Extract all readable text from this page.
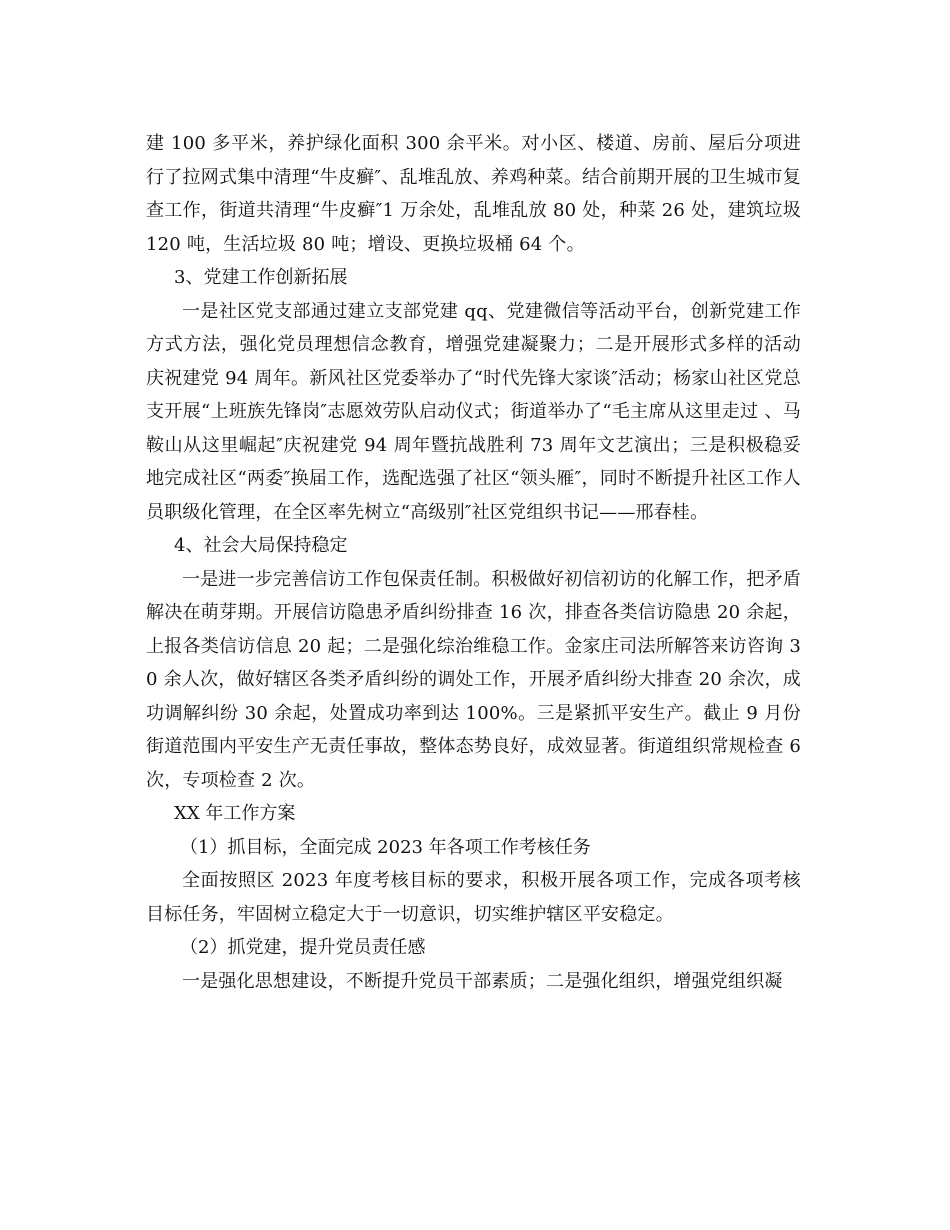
建 100 多平米，养护绿化面积 300 余平米。对小区、楼道、房前、屋后分项进行了拉网式集中清理“牛皮癣″、乱堆乱放、养鸡种菜。结合前期开展的卫生城市复查工作，街道共清理“牛皮癣″1 万余处，乱堆乱放 80 处，种菜 26 处，建筑垃圾 120 吨，生活垃圾 80 吨；增设、更换垃圾桶 64 个。

3、党建工作创新拓展

一是社区党支部通过建立支部党建 qq、党建微信等活动平台，创新党建工作方式方法，强化党员理想信念教育，增强党建凝聚力；二是开展形式多样的活动庆祝建党 94 周年。新风社区党委举办了“时代先锋大家谈″活动；杨家山社区党总支开展“上班族先锋岗″志愿效劳队启动仪式；街道举办了“毛主席从这里走过 、马鞍山从这里崛起″庆祝建党 94 周年暨抗战胜利 73 周年文艺演出；三是积极稳妥地完成社区“两委″换届工作，选配选强了社区“领头雁″，同时不断提升社区工作人员职级化管理，在全区率先树立“高级别″社区党组织书记——邢春桂。

4、社会大局保持稳定

一是进一步完善信访工作包保责任制。积极做好初信初访的化解工作，把矛盾解决在萌芽期。开展信访隐患矛盾纠纷排查 16 次，排查各类信访隐患 20 余起，上报各类信访信息 20 起；二是强化综治维稳工作。金家庄司法所解答来访咨询 30 余人次，做好辖区各类矛盾纠纷的调处工作，开展矛盾纠纷大排查 20 余次，成功调解纠纷 30 余起，处置成功率到达 100%。三是紧抓平安生产。截止 9 月份街道范围内平安生产无责任事故，整体态势良好，成效显著。街道组织常规检查 6 次，专项检查 2 次。

XX 年工作方案

（1）抓目标，全面完成 2023 年各项工作考核任务

全面按照区 2023 年度考核目标的要求，积极开展各项工作，完成各项考核目标任务，牢固树立稳定大于一切意识，切实维护辖区平安稳定。

（2）抓党建，提升党员责任感

一是强化思想建设，不断提升党员干部素质；二是强化组织，增强党组织凝
